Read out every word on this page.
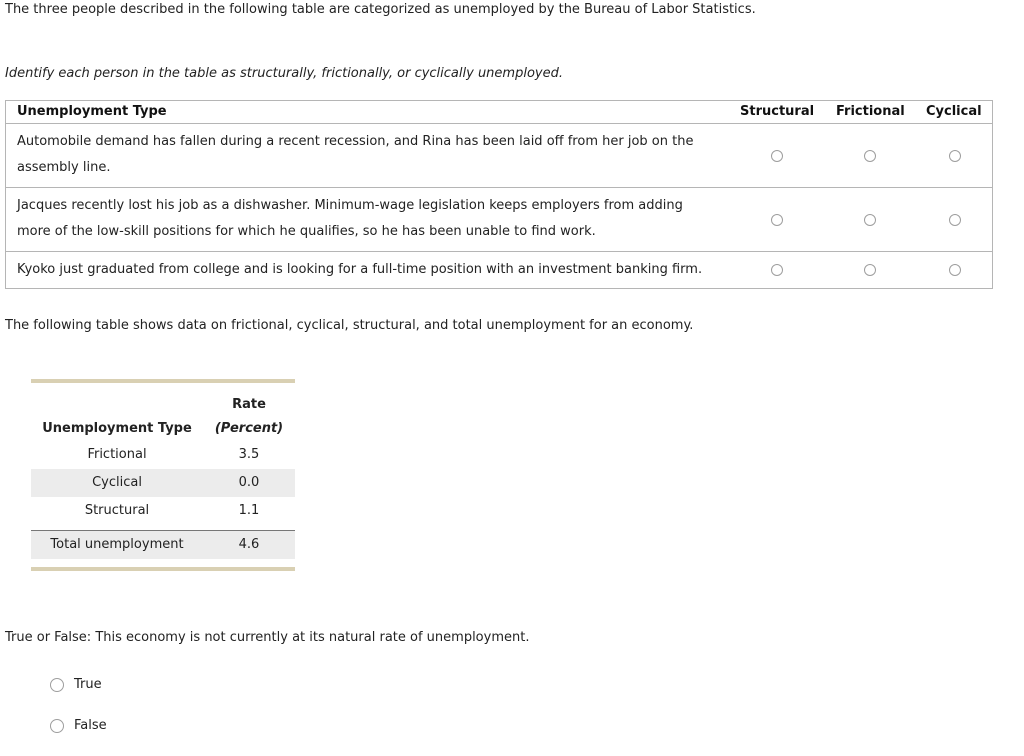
The three people described in the following table are categorized as unemployed by the Bureau of Labor Statistics.
Identify each person in the table as structurally, frictionally, or cyclically unemployed.
Unemployment Type	Structural Frictional Cyclical
Automobile demand has fallen during a recent recession, and Rina has been laid off from her job on the
assembly line.
Jacques recently lost his job as a dishwasher. Minimum-wage legislation keeps employers from adding
more of the low-skill positions for which he qualifies, so he has been unable to find work.
Kyoko just graduated from college and is looking for a full-time position with an investment banking firm.
The following table shows data on frictional, cyclical, structural, and total unemployment for an economy.
Rate
Unemployment Type	(Percent)
Frictional	3.5
Cyclical	0.0
Structural	1.1
Total unemployment	4.6
True or False: This economy is not currently at its natural rate of unemployment.
True
False
